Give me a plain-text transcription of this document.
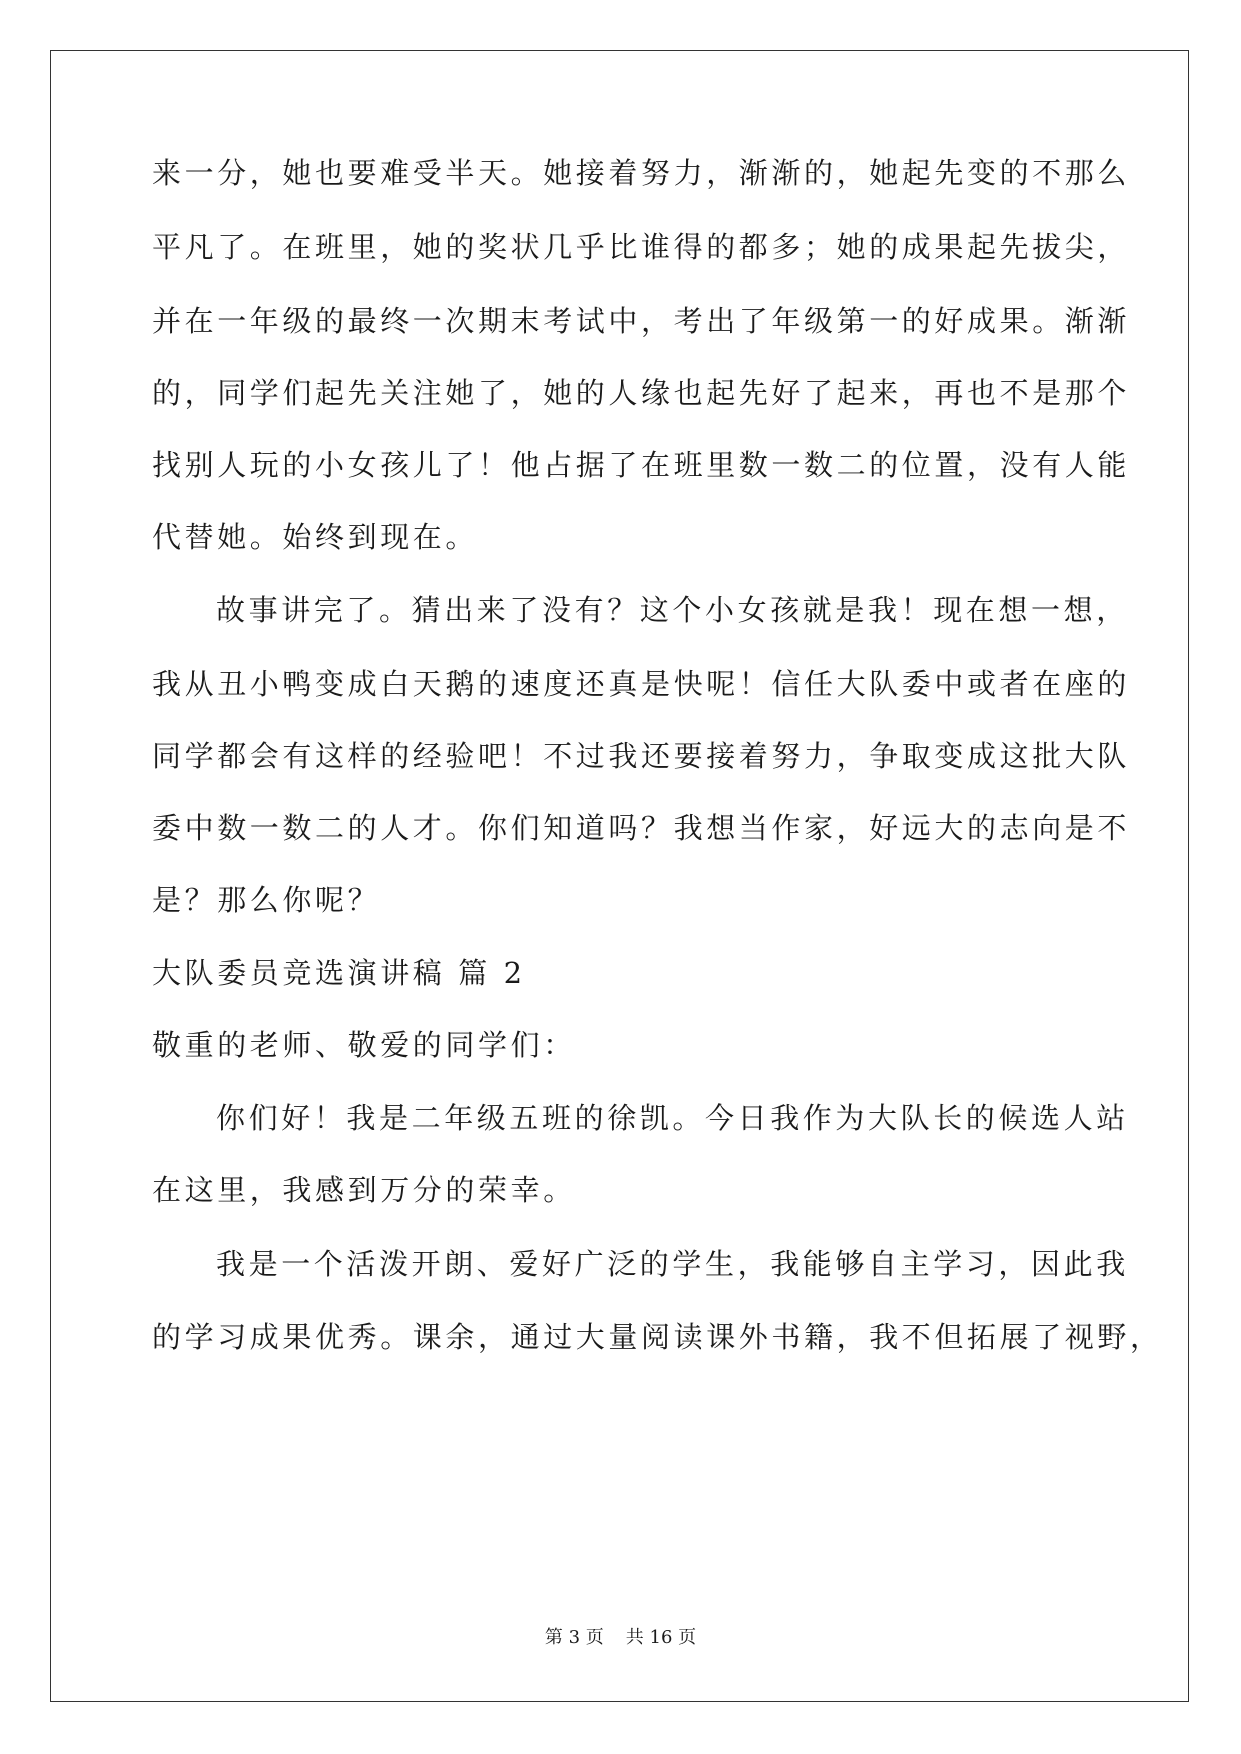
来一分，她也要难受半天。她接着努力，渐渐的，她起先变的不那么
平凡了。在班里，她的奖状几乎比谁得的都多；她的成果起先拔尖，
并在一年级的最终一次期末考试中，考出了年级第一的好成果。渐渐
的，同学们起先关注她了，她的人缘也起先好了起来，再也不是那个
找别人玩的小女孩儿了！他占据了在班里数一数二的位置，没有人能
代替她。始终到现在。
故事讲完了。猜出来了没有？这个小女孩就是我！现在想一想，
我从丑小鸭变成白天鹅的速度还真是快呢！信任大队委中或者在座的
同学都会有这样的经验吧！不过我还要接着努力，争取变成这批大队
委中数一数二的人才。你们知道吗？我想当作家，好远大的志向是不
是？那么你呢？
大队委员竞选演讲稿 篇 2
敬重的老师、敬爱的同学们：
你们好！我是二年级五班的徐凯。今日我作为大队长的候选人站
在这里，我感到万分的荣幸。
我是一个活泼开朗、爱好广泛的学生，我能够自主学习，因此我
的学习成果优秀。课余，通过大量阅读课外书籍，我不但拓展了视野，
第 3 页 共 16 页
